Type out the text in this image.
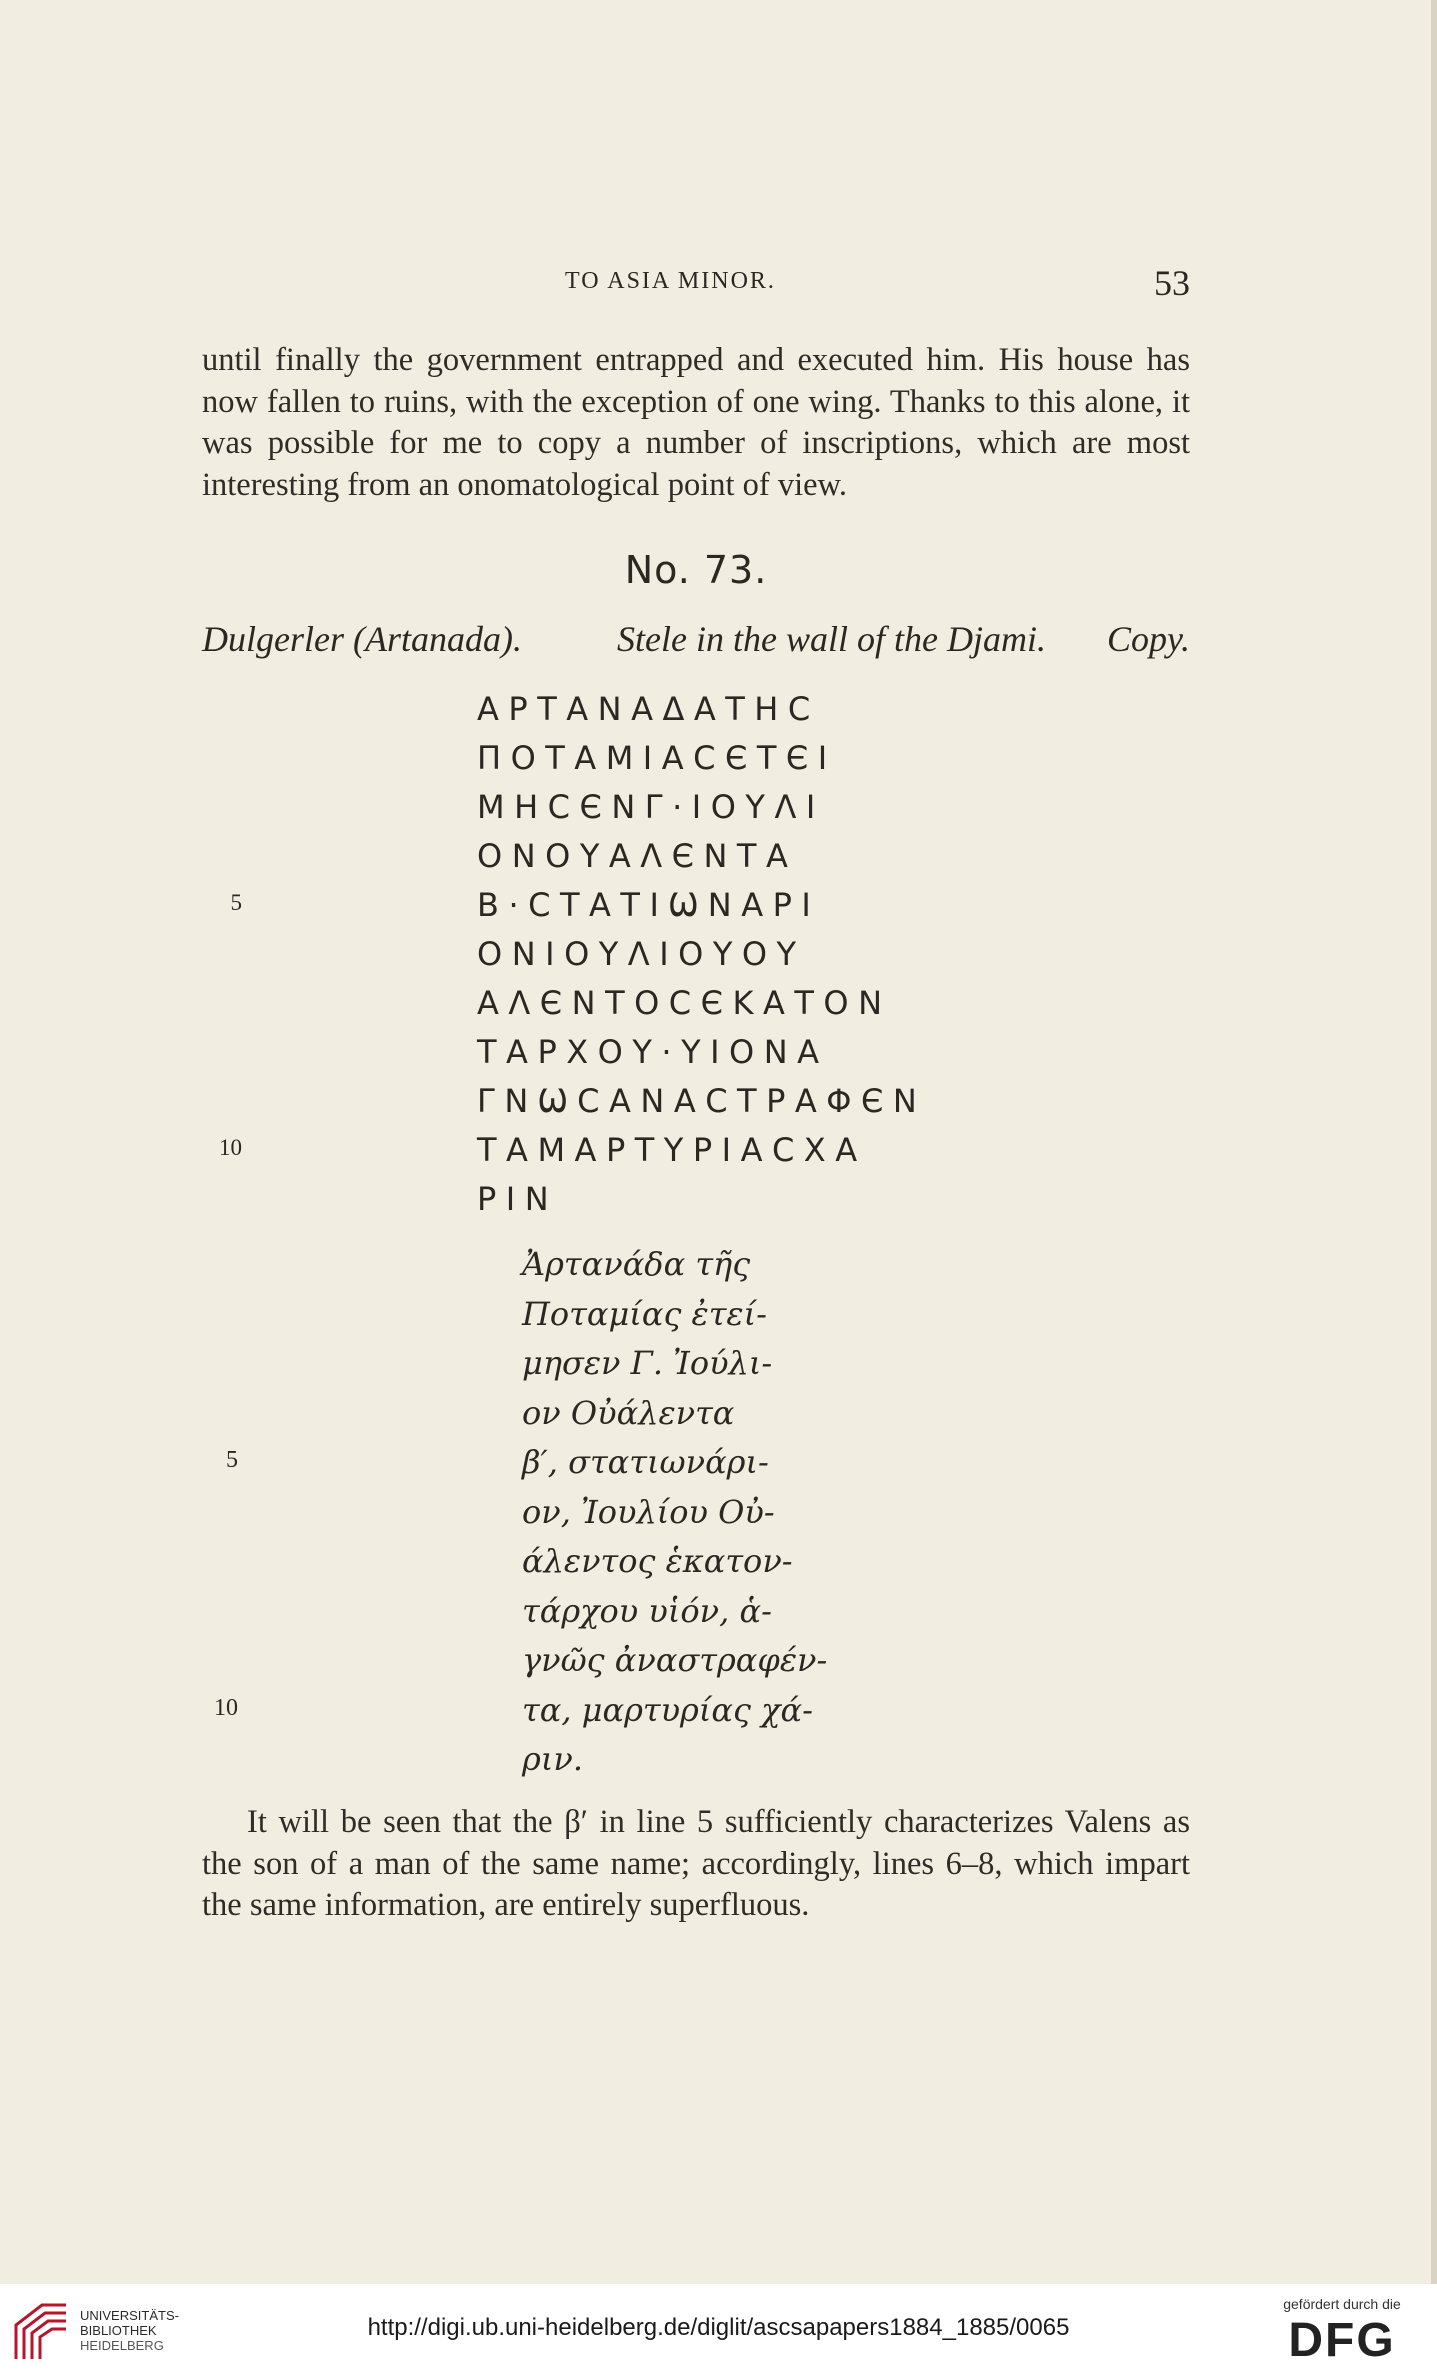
TO ASIA MINOR.	53
until finally the government entrapped and executed him. His house has now fallen to ruins, with the exception of one wing. Thanks to this alone, it was possible for me to copy a number of inscriptions, which are most interesting from an onomatological point of view.
No. 73.
Dulgerler (Artanada).	Stele in the wall of the Djami. Copy.
ΑΡΤΑΝΑΔΑΤΗC
ΠΟΤΑΜΙΑCЄΤЄΙ
ΜΗCЄΝΓ·ΙΟΥΛΙ
ΟΝΟΥΑΛЄΝΤΑ
5	Β·CΤΑΤΙѠΝΑΡΙ
ΟΝΙΟΥΛΙΟΥΟΥ
ΑΛЄΝΤΟCЄΚΑΤΟΝ
ΤΑΡΧΟΥ·ΥΙΟΝΑ
ΓΝѠCΑΝΑCΤΡΑΦЄΝ
10	ΤΑΜΑΡΤΥΡΙΑCΧΑ
ΡΙΝ
Ἀρτανάδα τῆς
Ποταμίας ἐτεί-
μησεν Γ. Ἰούλι-
ον Οὐάλεντα
5	β′, στατιωνάρι-
ον, Ἰουλίου Οὐ-
άλεντος ἑκατον-
τάρχου υἱόν, ἁ-
γνῶς ἀναστραφέν-
10	τα, μαρτυρίας χά-
ριν.
It will be seen that the β′ in line 5 sufficiently characterizes Valens as the son of a man of the same name; accordingly, lines 6–8, which impart the same information, are entirely superfluous.
UNIVERSITÄTS-
BIBLIOTHEK
HEIDELBERG
http://digi.ub.uni-heidelberg.de/diglit/ascsapapers1884_1885/0065
gefördert durch die
DFG
